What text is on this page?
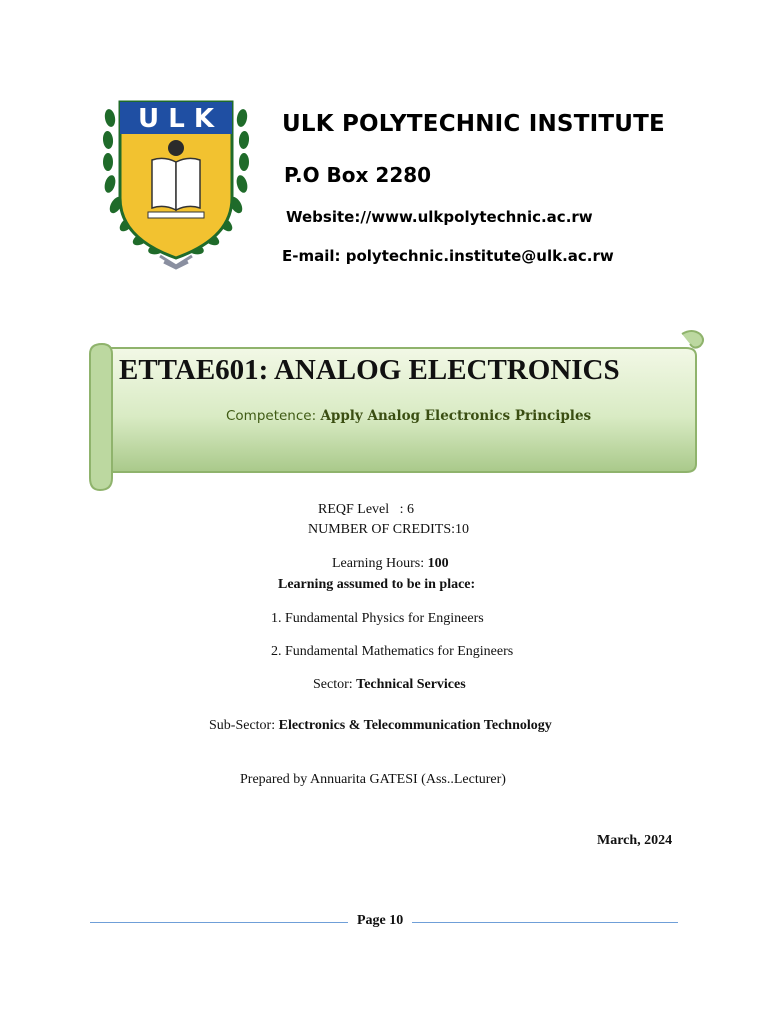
U L K	ULK POLYTECHNIC INSTITUTE
P.O Box 2280
Website://www.ulkpolytechnic.ac.rw
E-mail: polytechnic.institute@ulk.ac.rw
ETTAE601: ANALOG ELECTRONICS
Competence: Apply Analog Electronics Principles
REQF Level   : 6
NUMBER OF CREDITS:10
Learning Hours: 100
Learning assumed to be in place:
1. Fundamental Physics for Engineers
2. Fundamental Mathematics for Engineers
Sector: Technical Services
Sub-Sector: Electronics & Telecommunication Technology
Prepared by Annuarita GATESI (Ass..Lecturer)
March, 2024
Page 10
